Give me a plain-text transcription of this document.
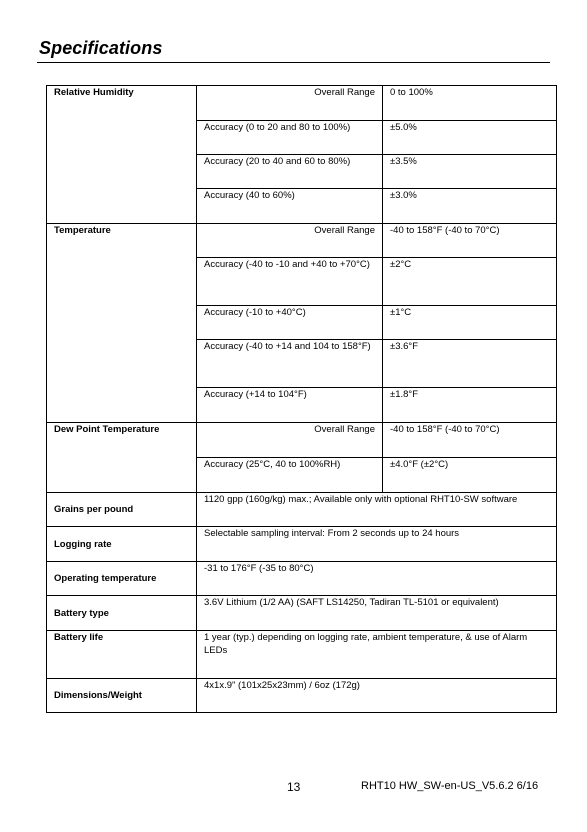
Specifications
Relative Humidity	Overall Range	0 to 100%
	Accuracy (0 to 20 and 80 to 100%)	±5.0%
	Accuracy (20 to 40 and 60 to 80%)	±3.5%
	Accuracy (40 to 60%)	±3.0%
Temperature	Overall Range	-40 to 158°F (-40 to 70°C)
	Accuracy (-40 to -10 and +40 to +70°C)	±2°C
	Accuracy (-10 to +40°C)	±1°C
	Accuracy (-40 to +14 and 104 to 158°F)	±3.6°F
	Accuracy (+14 to 104°F)	±1.8°F
Dew Point Temperature	Overall Range	-40 to 158°F (-40 to 70°C)
	Accuracy (25°C, 40 to 100%RH)	±4.0°F (±2°C)
Grains per pound	1120 gpp (160g/kg) max.; Available only with optional RHT10-SW software	
Logging rate	Selectable sampling interval: From 2 seconds up to 24 hours	
Operating temperature	-31 to 176°F (-35 to 80°C)	
Battery type	3.6V Lithium (1/2 AA) (SAFT LS14250, Tadiran TL-5101 or equivalent)	
Battery life	1 year (typ.) depending on logging rate, ambient temperature, & use of Alarm LEDs	
Dimensions/Weight	4x1x.9" (101x25x23mm) / 6oz (172g)	
13	RHT10 HW_SW-en-US_V5.6.2 6/16
